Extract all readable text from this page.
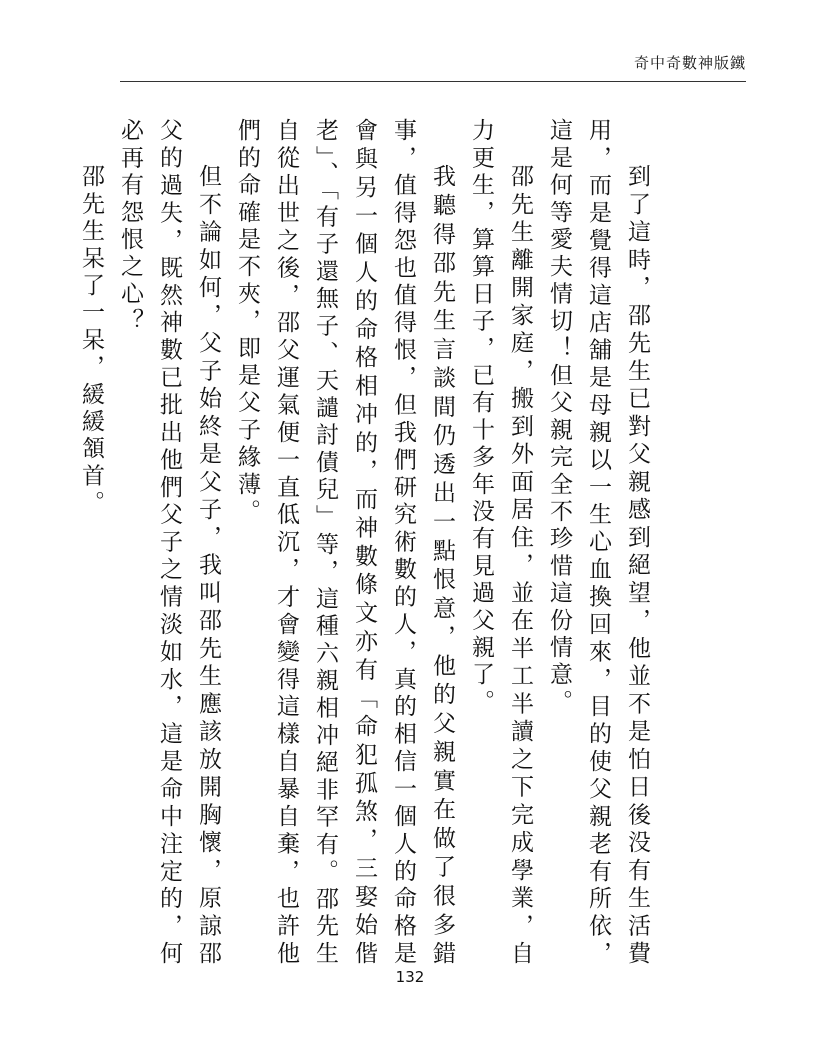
奇中奇數神版鐵

到了這時，邵先生已對父親感到絕望，他並不是怕日後没有生活費用，而是覺得這店舖是母親以一生心血換回來，目的使父親老有所依，這是何等愛夫情切！但父親完全不珍惜這份情意。

邵先生離開家庭，搬到外面居住，並在半工半讀之下完成學業，自力更生，算算日子，已有十多年没有見過父親了。

我聽得邵先生言談間仍透出一點恨意，他的父親實在做了很多錯事，值得怨也值得恨，但我們研究術數的人，真的相信一個人的命格是會與另一個人的命格相冲的，而神數條文亦有「命犯孤煞，三娶始偕老」、「有子還無子、天譴討債兒」等，這種六親相冲絕非罕有。邵先生自從出世之後，邵父運氣便一直低沉，才會變得這樣自暴自棄，也許他們的命確是不夾，即是父子緣薄。

但不論如何，父子始終是父子，我叫邵先生應該放開胸懷，原諒邵父的過失，既然神數已批出他們父子之情淡如水，這是命中注定的，何必再有怨恨之心？

邵先生呆了一呆，緩緩頷首。

132
